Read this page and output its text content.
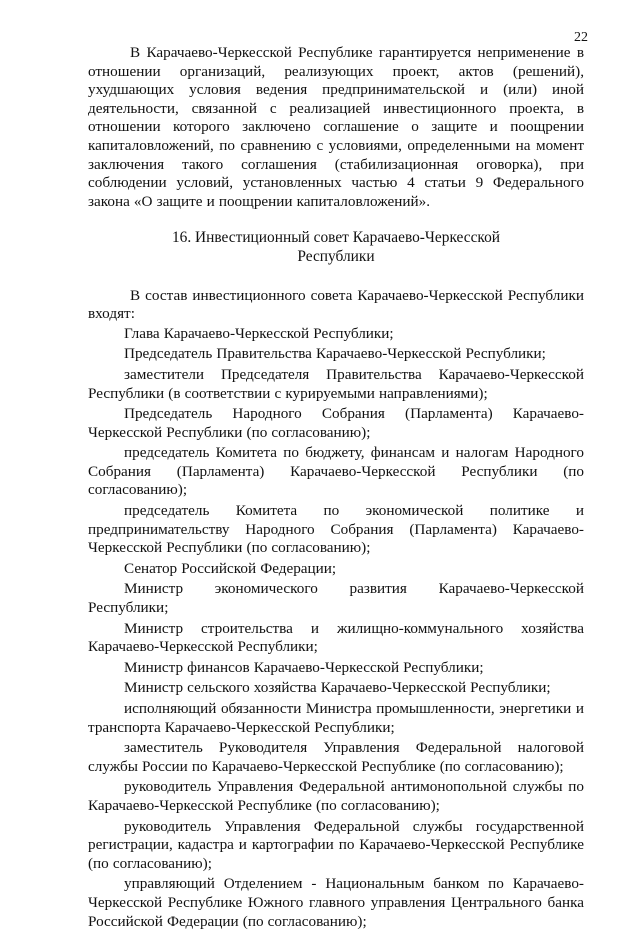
22

В Карачаево-Черкесской Республике гарантируется неприменение в отношении организаций, реализующих проект, актов (решений), ухудшающих условия ведения предпринимательской и (или) иной деятельности, связанной с реализацией инвестиционного проекта, в отношении которого заключено соглашение о защите и поощрении капиталовложений, по сравнению с условиями, определенными на момент заключения такого соглашения (стабилизационная оговорка), при соблюдении условий, установленных частью 4 статьи 9 Федерального закона «О защите и поощрении капиталовложений».

16. Инвестиционный совет Карачаево-Черкесской
Республики

В состав инвестиционного совета Карачаево-Черкесской Республики входят:

Глава Карачаево-Черкесской Республики;
Председатель Правительства Карачаево-Черкесской Республики;
заместители Председателя Правительства Карачаево-Черкесской Республики (в соответствии с курируемыми направлениями);
Председатель Народного Собрания (Парламента) Карачаево-Черкесской Республики (по согласованию);
председатель Комитета по бюджету, финансам и налогам Народного Собрания (Парламента) Карачаево-Черкесской Республики (по согласованию);
председатель Комитета по экономической политике и предпринимательству Народного Собрания (Парламента) Карачаево-Черкесской Республики (по согласованию);
Сенатор Российской Федерации;
Министр экономического развития Карачаево-Черкесской Республики;
Министр строительства и жилищно-коммунального хозяйства Карачаево-Черкесской Республики;
Министр финансов Карачаево-Черкесской Республики;
Министр сельского хозяйства Карачаево-Черкесской Республики;
исполняющий обязанности Министра промышленности, энергетики и транспорта Карачаево-Черкесской Республики;
заместитель Руководителя Управления Федеральной налоговой службы России по Карачаево-Черкесской Республике (по согласованию);
руководитель Управления Федеральной антимонопольной службы по Карачаево-Черкесской Республике (по согласованию);
руководитель Управления Федеральной службы государственной регистрации, кадастра и картографии по Карачаево-Черкесской Республике (по согласованию);
управляющий Отделением - Национальным банком по Карачаево-Черкесской Республике Южного главного управления Центрального банка Российской Федерации (по согласованию);
